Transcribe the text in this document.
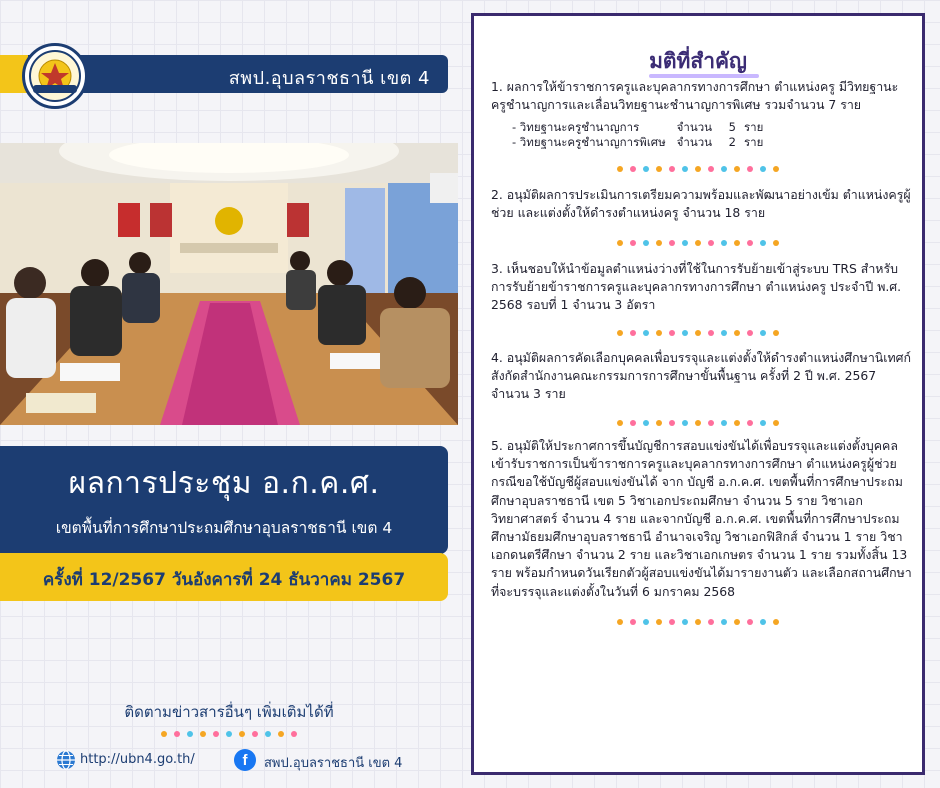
สพป.อุบลราชธานี เขต 4
ผลการประชุม อ.ก.ค.ศ.
เขตพื้นที่การศึกษาประถมศึกษาอุบลราชธานี เขต 4
ครั้งที่ 12/2567 วันอังคารที่ 24 ธันวาคม 2567
ติดตามข่าวสารอื่นๆ เพิ่มเติมได้ที่
http://ubn4.go.th/	f	สพป.อุบลราชธานี เขต 4
มติที่สำคัญ
1. ผลการให้ข้าราชการครูและบุคลากรทางการศึกษา ตำแหน่งครู มีวิทยฐานะครูชำนาญการและเลื่อนวิทยฐานะชำนาญการพิเศษ รวมจำนวน 7 ราย
- วิทยฐานะครูชำนาญการ	จำนวน 5 ราย
- วิทยฐานะครูชำนาญการพิเศษ จำนวน 2 ราย
2. อนุมัติผลการประเมินการเตรียมความพร้อมและพัฒนาอย่างเข้ม ตำแหน่งครูผู้ช่วย และแต่งตั้งให้ดำรงตำแหน่งครู จำนวน 18 ราย
3. เห็นชอบให้นำข้อมูลตำแหน่งว่างที่ใช้ในการรับย้ายเข้าสู่ระบบ TRS สำหรับการรับย้ายข้าราชการครูและบุคลากรทางการศึกษา ตำแหน่งครู ประจำปี พ.ศ. 2568 รอบที่ 1 จำนวน 3 อัตรา
4. อนุมัติผลการคัดเลือกบุคคลเพื่อบรรจุและแต่งตั้งให้ดำรงตำแหน่งศึกษานิเทศก์ สังกัดสำนักงานคณะกรรมการการศึกษาขั้นพื้นฐาน ครั้งที่ 2 ปี พ.ศ. 2567 จำนวน 3 ราย
5. อนุมัติให้ประกาศการขึ้นบัญชีการสอบแข่งขันได้เพื่อบรรจุและแต่งตั้งบุคคลเข้ารับราชการเป็นข้าราชการครูและบุคลากรทางการศึกษา ตำแหน่งครูผู้ช่วย กรณีขอใช้บัญชีผู้สอบแข่งขันได้ จาก บัญชี อ.ก.ค.ศ. เขตพื้นที่การศึกษาประถมศึกษาอุบลราชธานี เขต 5 วิชาเอกประถมศึกษา จำนวน 5 ราย วิชาเอกวิทยาศาสตร์ จำนวน 4 ราย และจากบัญชี อ.ก.ค.ศ. เขตพื้นที่การศึกษาประถมศึกษามัธยมศึกษาอุบลราชธานี อำนาจเจริญ วิชาเอกฟิสิกส์ จำนวน 1 ราย วิชาเอกดนตรีศึกษา จำนวน 2 ราย และวิชาเอกเกษตร จำนวน 1 ราย รวมทั้งสิ้น 13 ราย พร้อมกำหนดวันเรียกตัวผู้สอบแข่งขันได้มารายงานตัว และเลือกสถานศึกษาที่จะบรรจุและแต่งตั้งในวันที่ 6 มกราคม 2568
